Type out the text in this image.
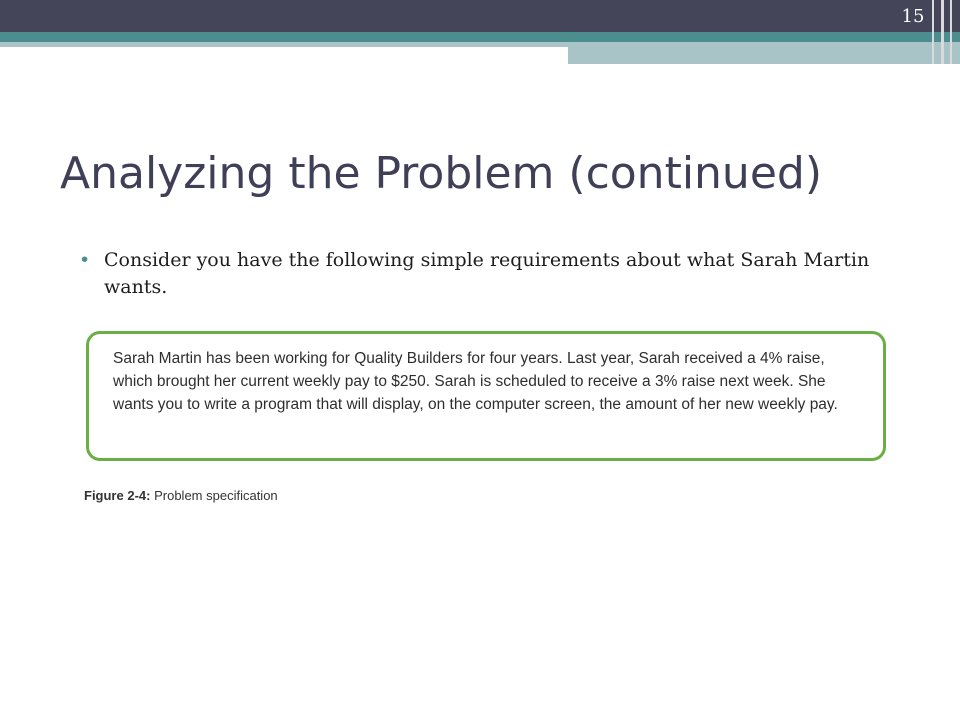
15
Analyzing the Problem (continued)
• Consider you have the following simple requirements about what Sarah Martin wants.
Sarah Martin has been working for Quality Builders for four years. Last year, Sarah received a 4% raise, which brought her current weekly pay to $250. Sarah is scheduled to receive a 3% raise next week. She wants you to write a program that will display, on the computer screen, the amount of her new weekly pay.
Figure 2-4: Problem specification
